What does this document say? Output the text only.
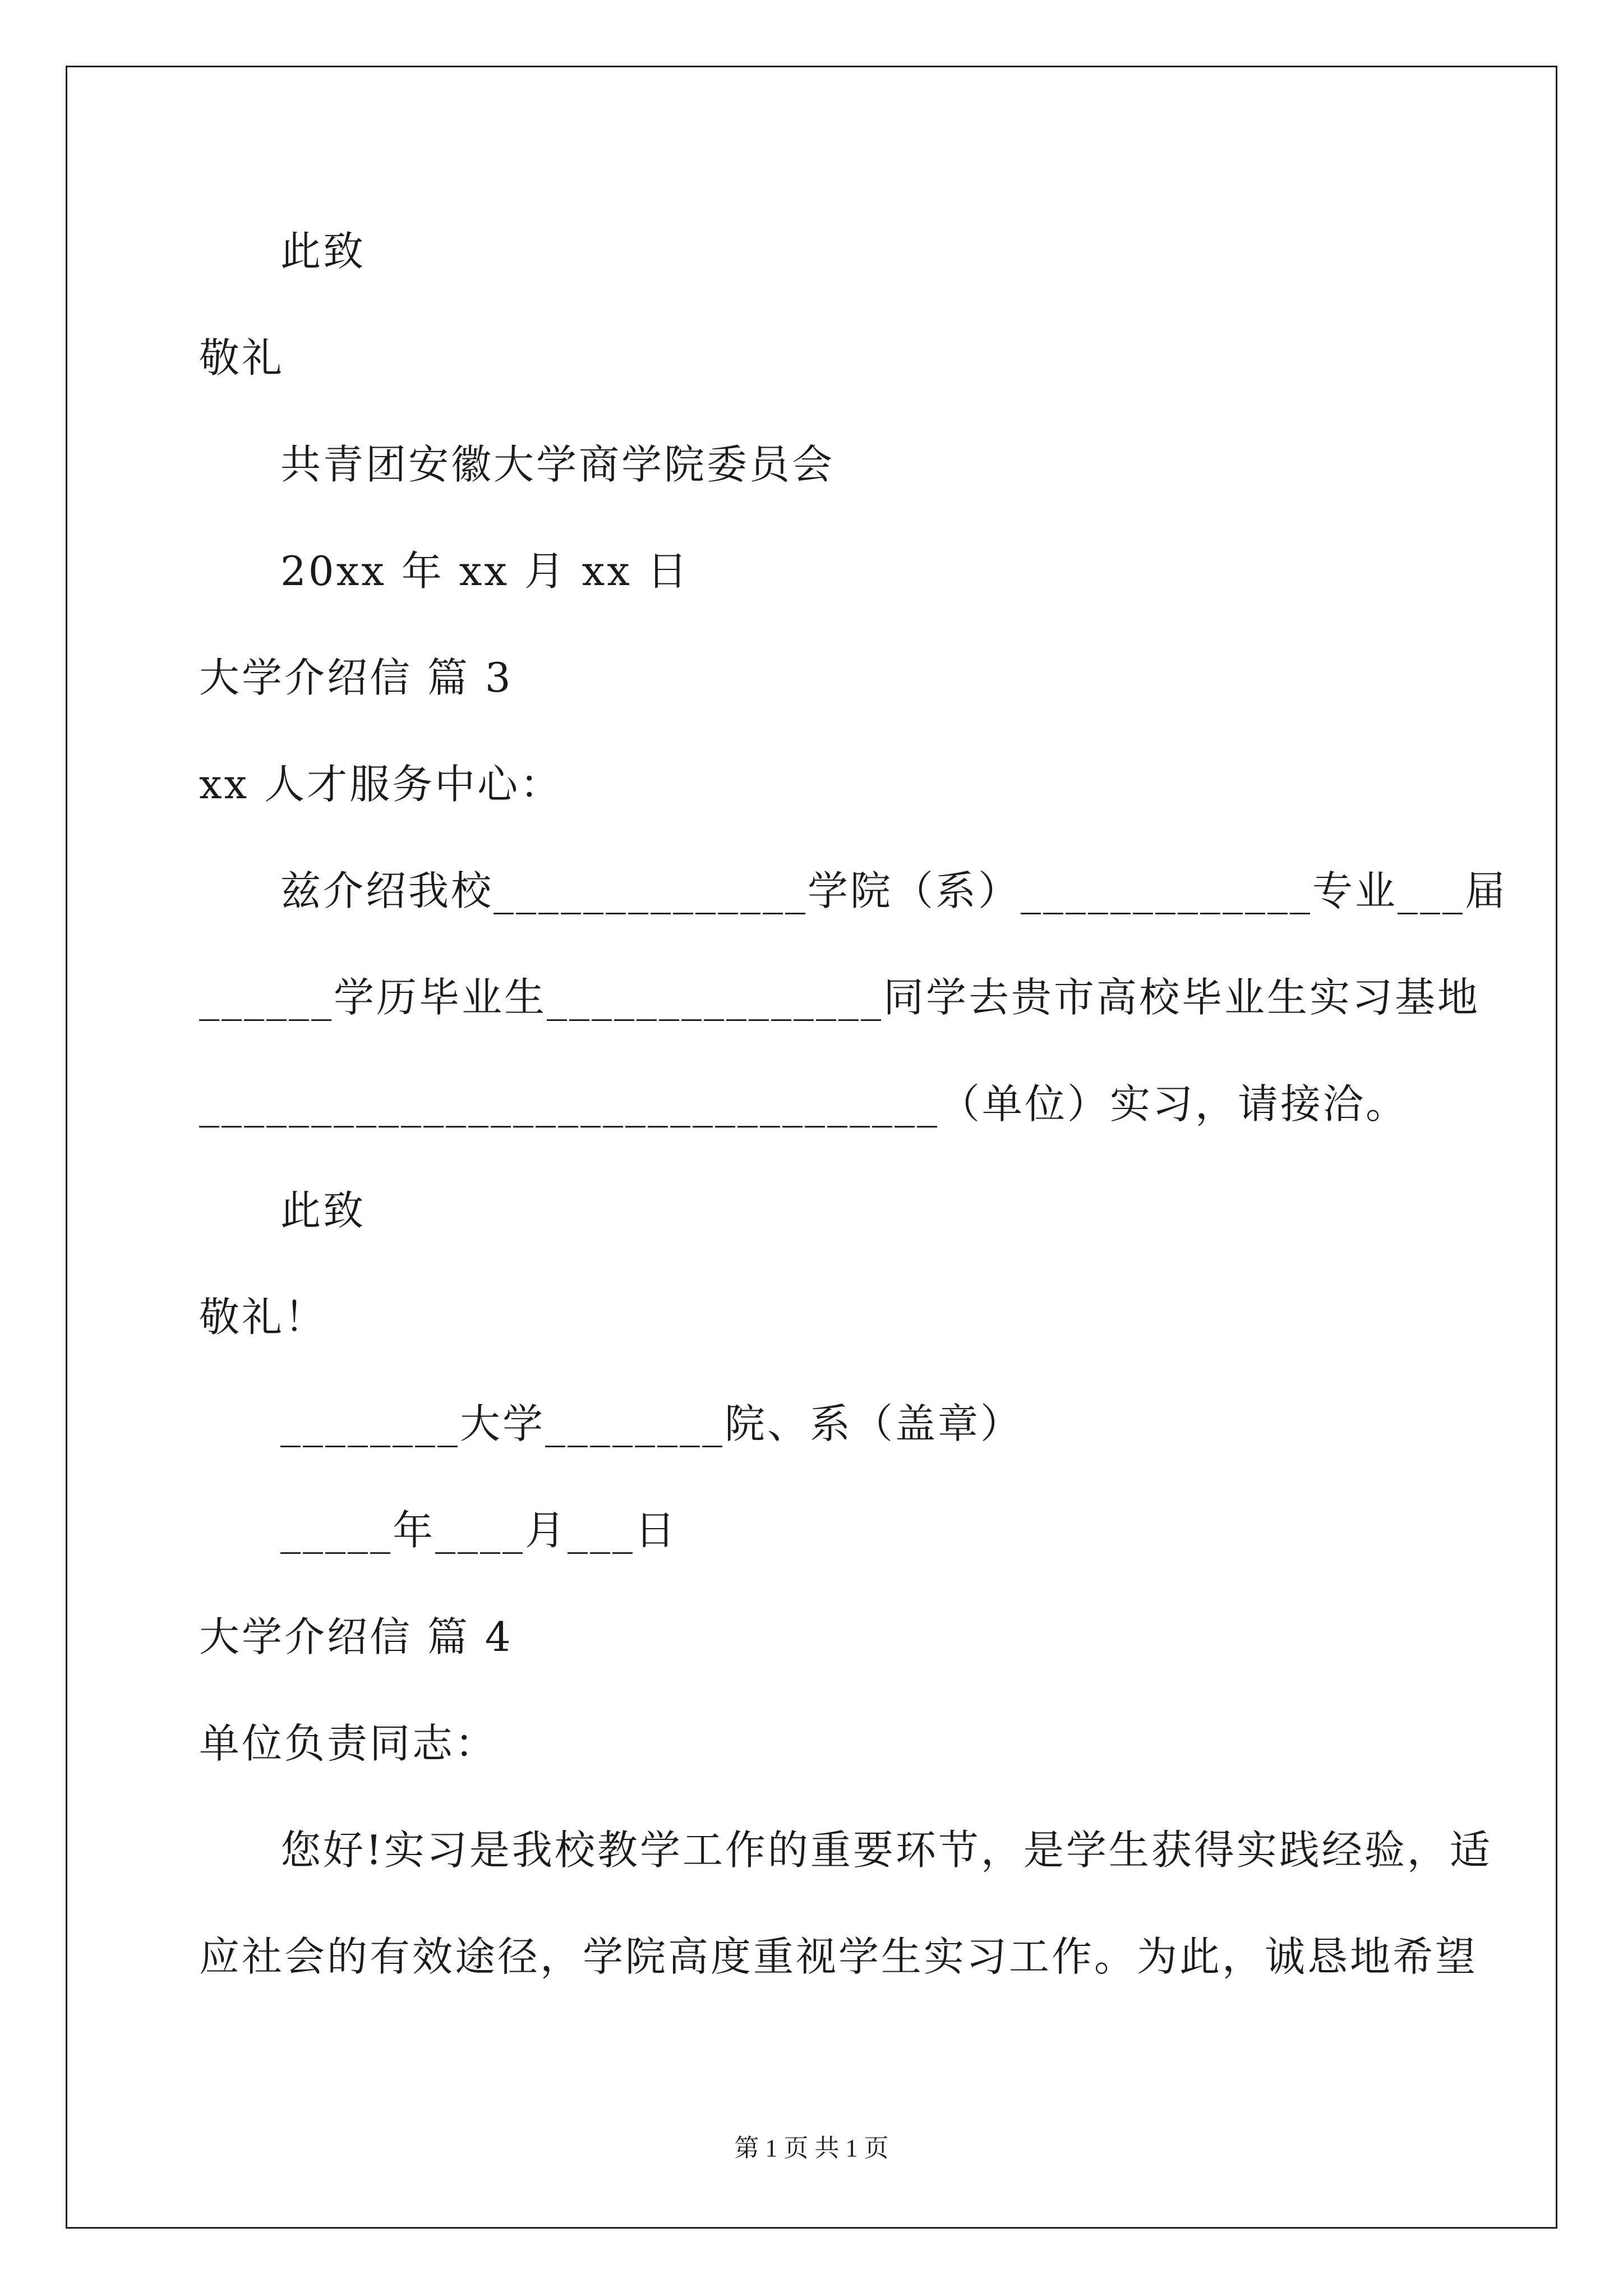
此致
敬礼
共青团安徽大学商学院委员会
20xx 年 xx 月 xx 日
大学介绍信 篇 3
xx 人才服务中心：
兹介绍我校______________学院（系）_____________专业___届
______学历毕业生_______________同学去贵市高校毕业生实习基地
_________________________________（单位）实习，请接洽。
此致
敬礼！
________大学________院、系（盖章）
_____年____月___日
大学介绍信 篇 4
单位负责同志：
您好!实习是我校教学工作的重要环节，是学生获得实践经验，适
应社会的有效途径，学院高度重视学生实习工作。为此，诚恳地希望
第 1 页 共 1 页
